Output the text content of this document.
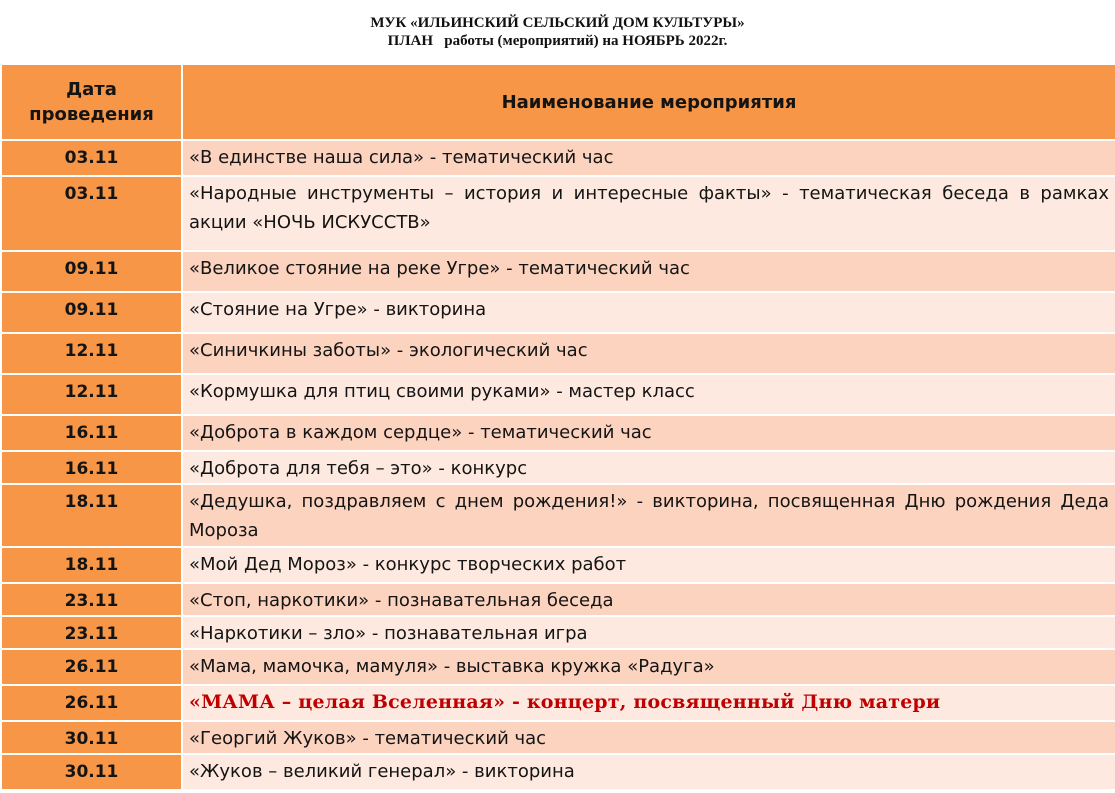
МУК «ИЛЬИНСКИЙ СЕЛЬСКИЙ ДОМ КУЛЬТУРЫ»
ПЛАН   работы (мероприятий) на НОЯБРЬ 2022г.
Дата проведения	Наименование мероприятия
03.11	«В единстве наша сила» - тематический час
03.11	«Народные инструменты – история и интересные факты» - тематическая беседа в рамках акции «НОЧЬ ИСКУССТВ»
09.11	«Великое стояние на реке Угре» - тематический час
09.11	«Стояние на Угре» - викторина
12.11	«Синичкины заботы» - экологический час
12.11	«Кормушка для птиц своими руками» - мастер класс
16.11	«Доброта в каждом сердце» - тематический час
16.11	«Доброта для тебя – это» - конкурс
18.11	«Дедушка, поздравляем с днем рождения!» - викторина, посвященная Дню рождения Деда Мороза
18.11	«Мой Дед Мороз» - конкурс творческих работ
23.11	«Стоп, наркотики» - познавательная беседа
23.11	«Наркотики – зло» - познавательная игра
26.11	«Мама, мамочка, мамуля» - выставка кружка «Радуга»
26.11	«МАМА – целая Вселенная» - концерт, посвященный Дню матери
30.11	«Георгий Жуков» - тематический час
30.11	«Жуков – великий генерал» - викторина
